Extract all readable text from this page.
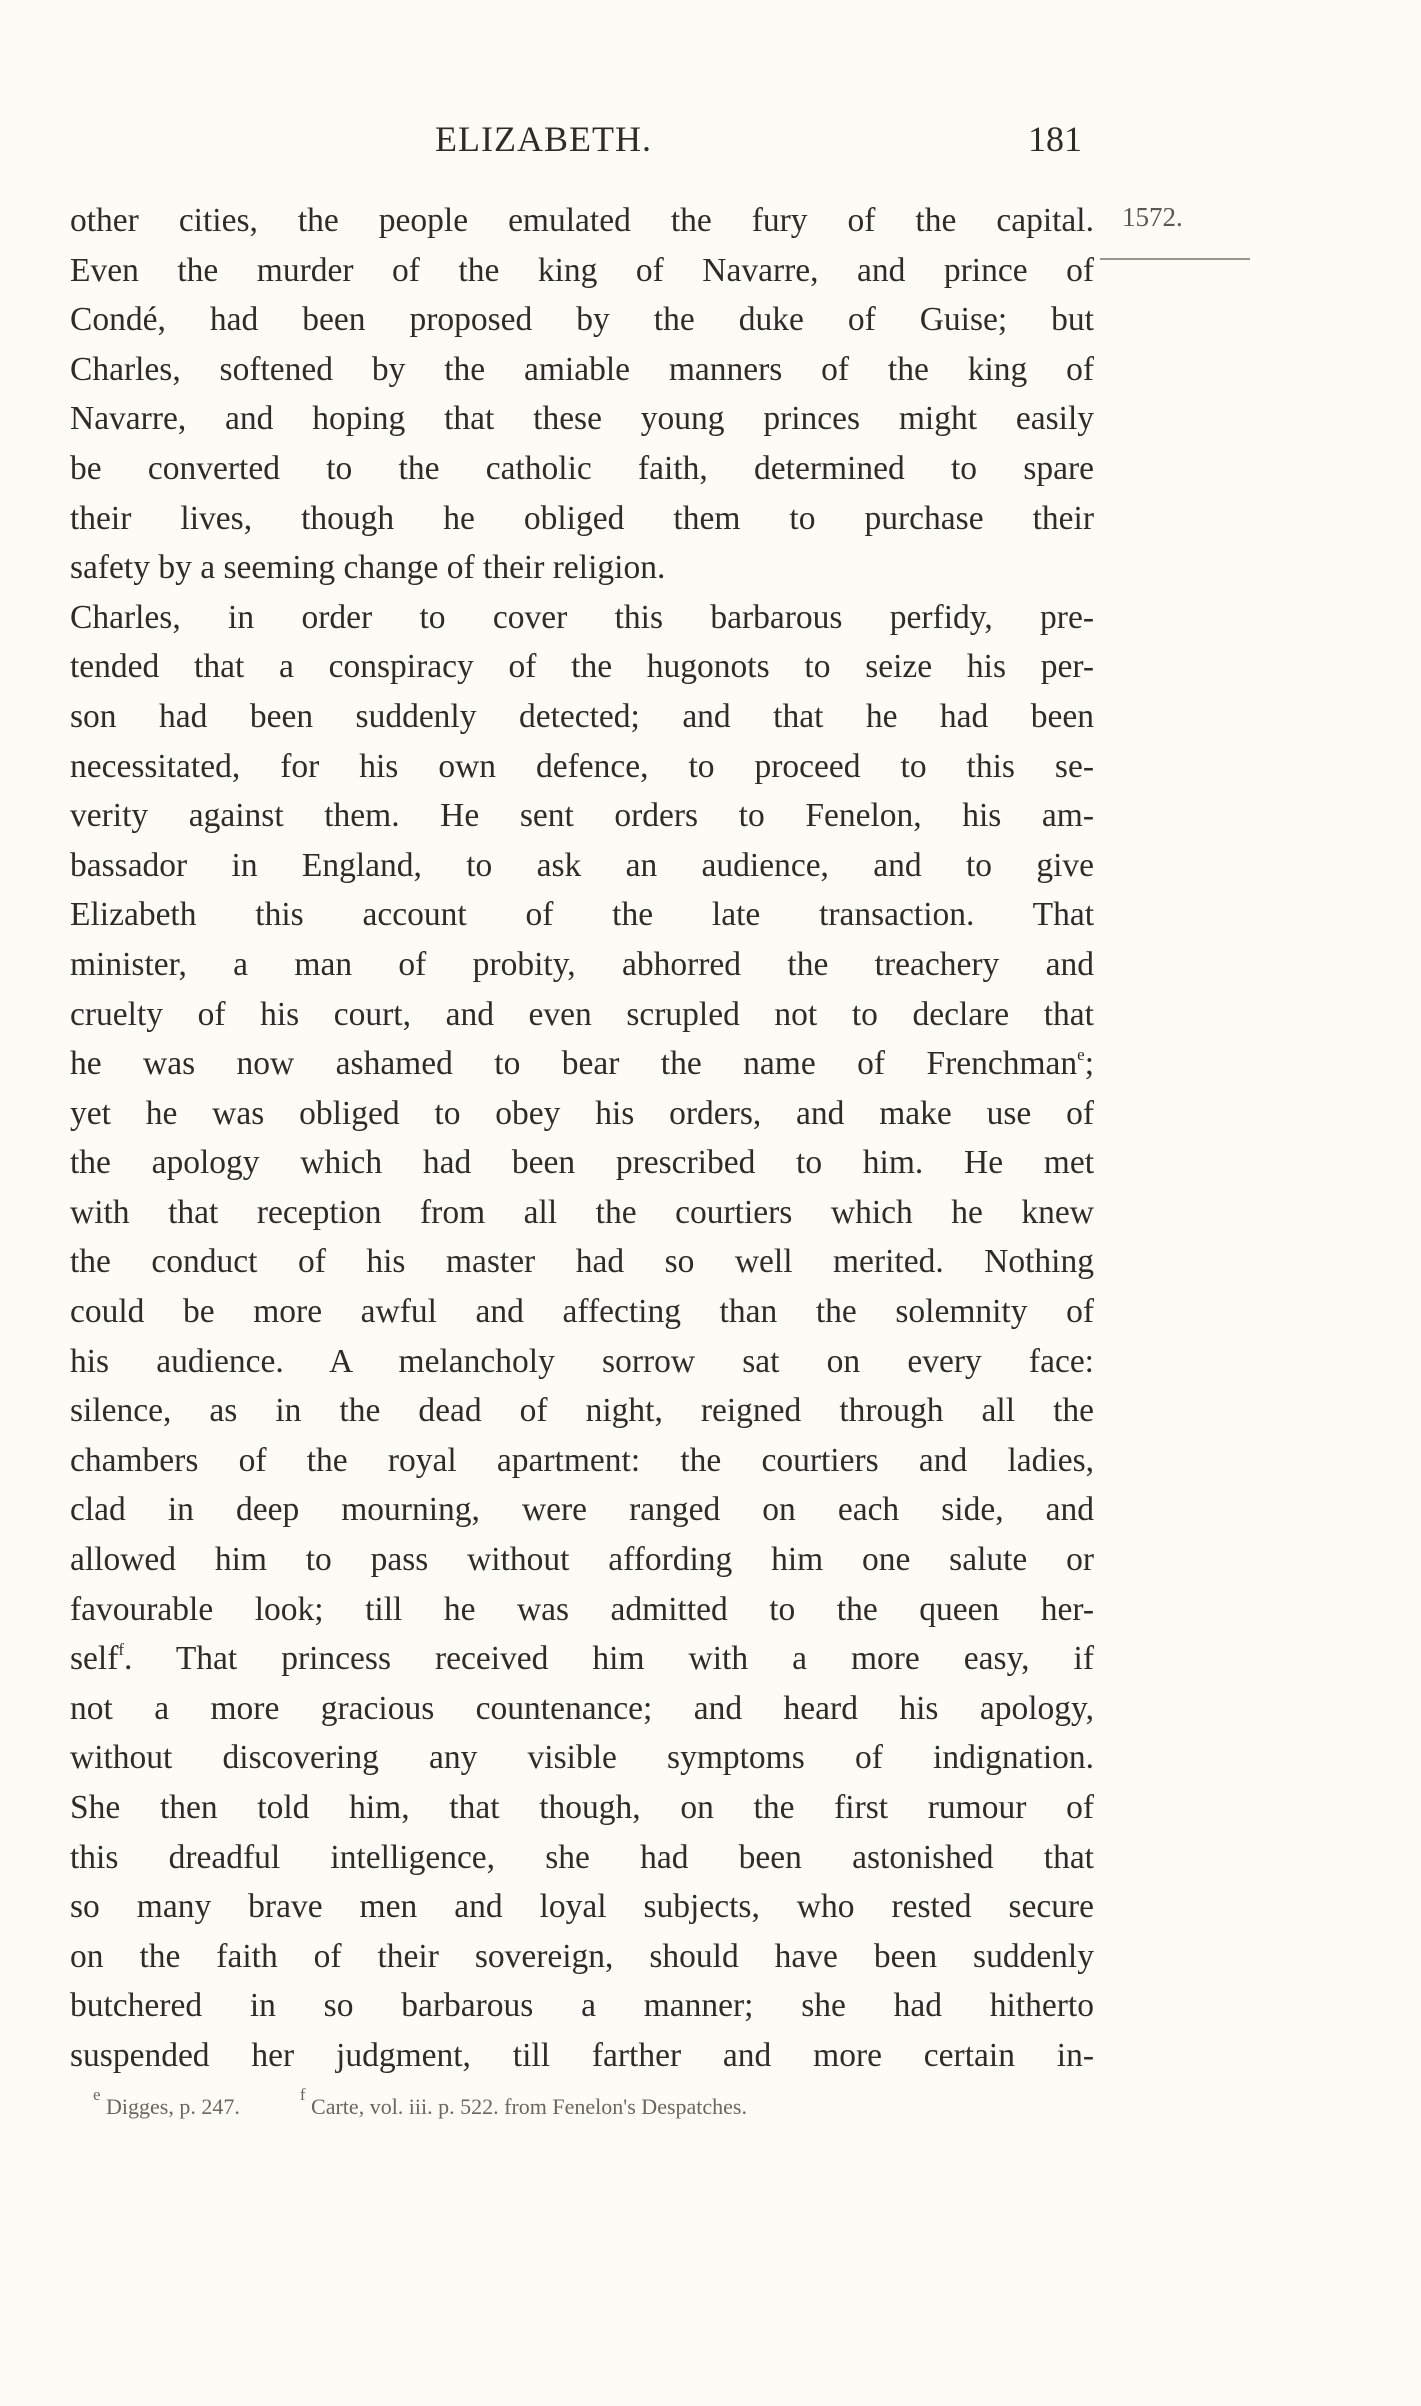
ELIZABETH.	181
1572.
other cities, the people emulated the fury of the capital.
Even the murder of the king of Navarre, and prince of
Condé, had been proposed by the duke of Guise; but
Charles, softened by the amiable manners of the king of
Navarre, and hoping that these young princes might easily
be converted to the catholic faith, determined to spare
their lives, though he obliged them to purchase their
safety by a seeming change of their religion.
Charles, in order to cover this barbarous perfidy, pre-
tended that a conspiracy of the hugonots to seize his per-
son had been suddenly detected; and that he had been
necessitated, for his own defence, to proceed to this se-
verity against them. He sent orders to Fenelon, his am-
bassador in England, to ask an audience, and to give
Elizabeth this account of the late transaction. That
minister, a man of probity, abhorred the treachery and
cruelty of his court, and even scrupled not to declare that
he was now ashamed to bear the name of Frenchman$^e$;
yet he was obliged to obey his orders, and make use of
the apology which had been prescribed to him. He met
with that reception from all the courtiers which he knew
the conduct of his master had so well merited. Nothing
could be more awful and affecting than the solemnity of
his audience. A melancholy sorrow sat on every face:
silence, as in the dead of night, reigned through all the
chambers of the royal apartment: the courtiers and ladies,
clad in deep mourning, were ranged on each side, and
allowed him to pass without affording him one salute or
favourable look; till he was admitted to the queen her-
self$^f$. That princess received him with a more easy, if
not a more gracious countenance; and heard his apology,
without discovering any visible symptoms of indignation.
She then told him, that though, on the first rumour of
this dreadful intelligence, she had been astonished that
so many brave men and loyal subjects, who rested secure
on the faith of their sovereign, should have been suddenly
butchered in so barbarous a manner; she had hitherto
suspended her judgment, till farther and more certain in-
$^e$ Digges, p. 247.	$^f$ Carte, vol. iii. p. 522. from Fenelon's Despatches.
